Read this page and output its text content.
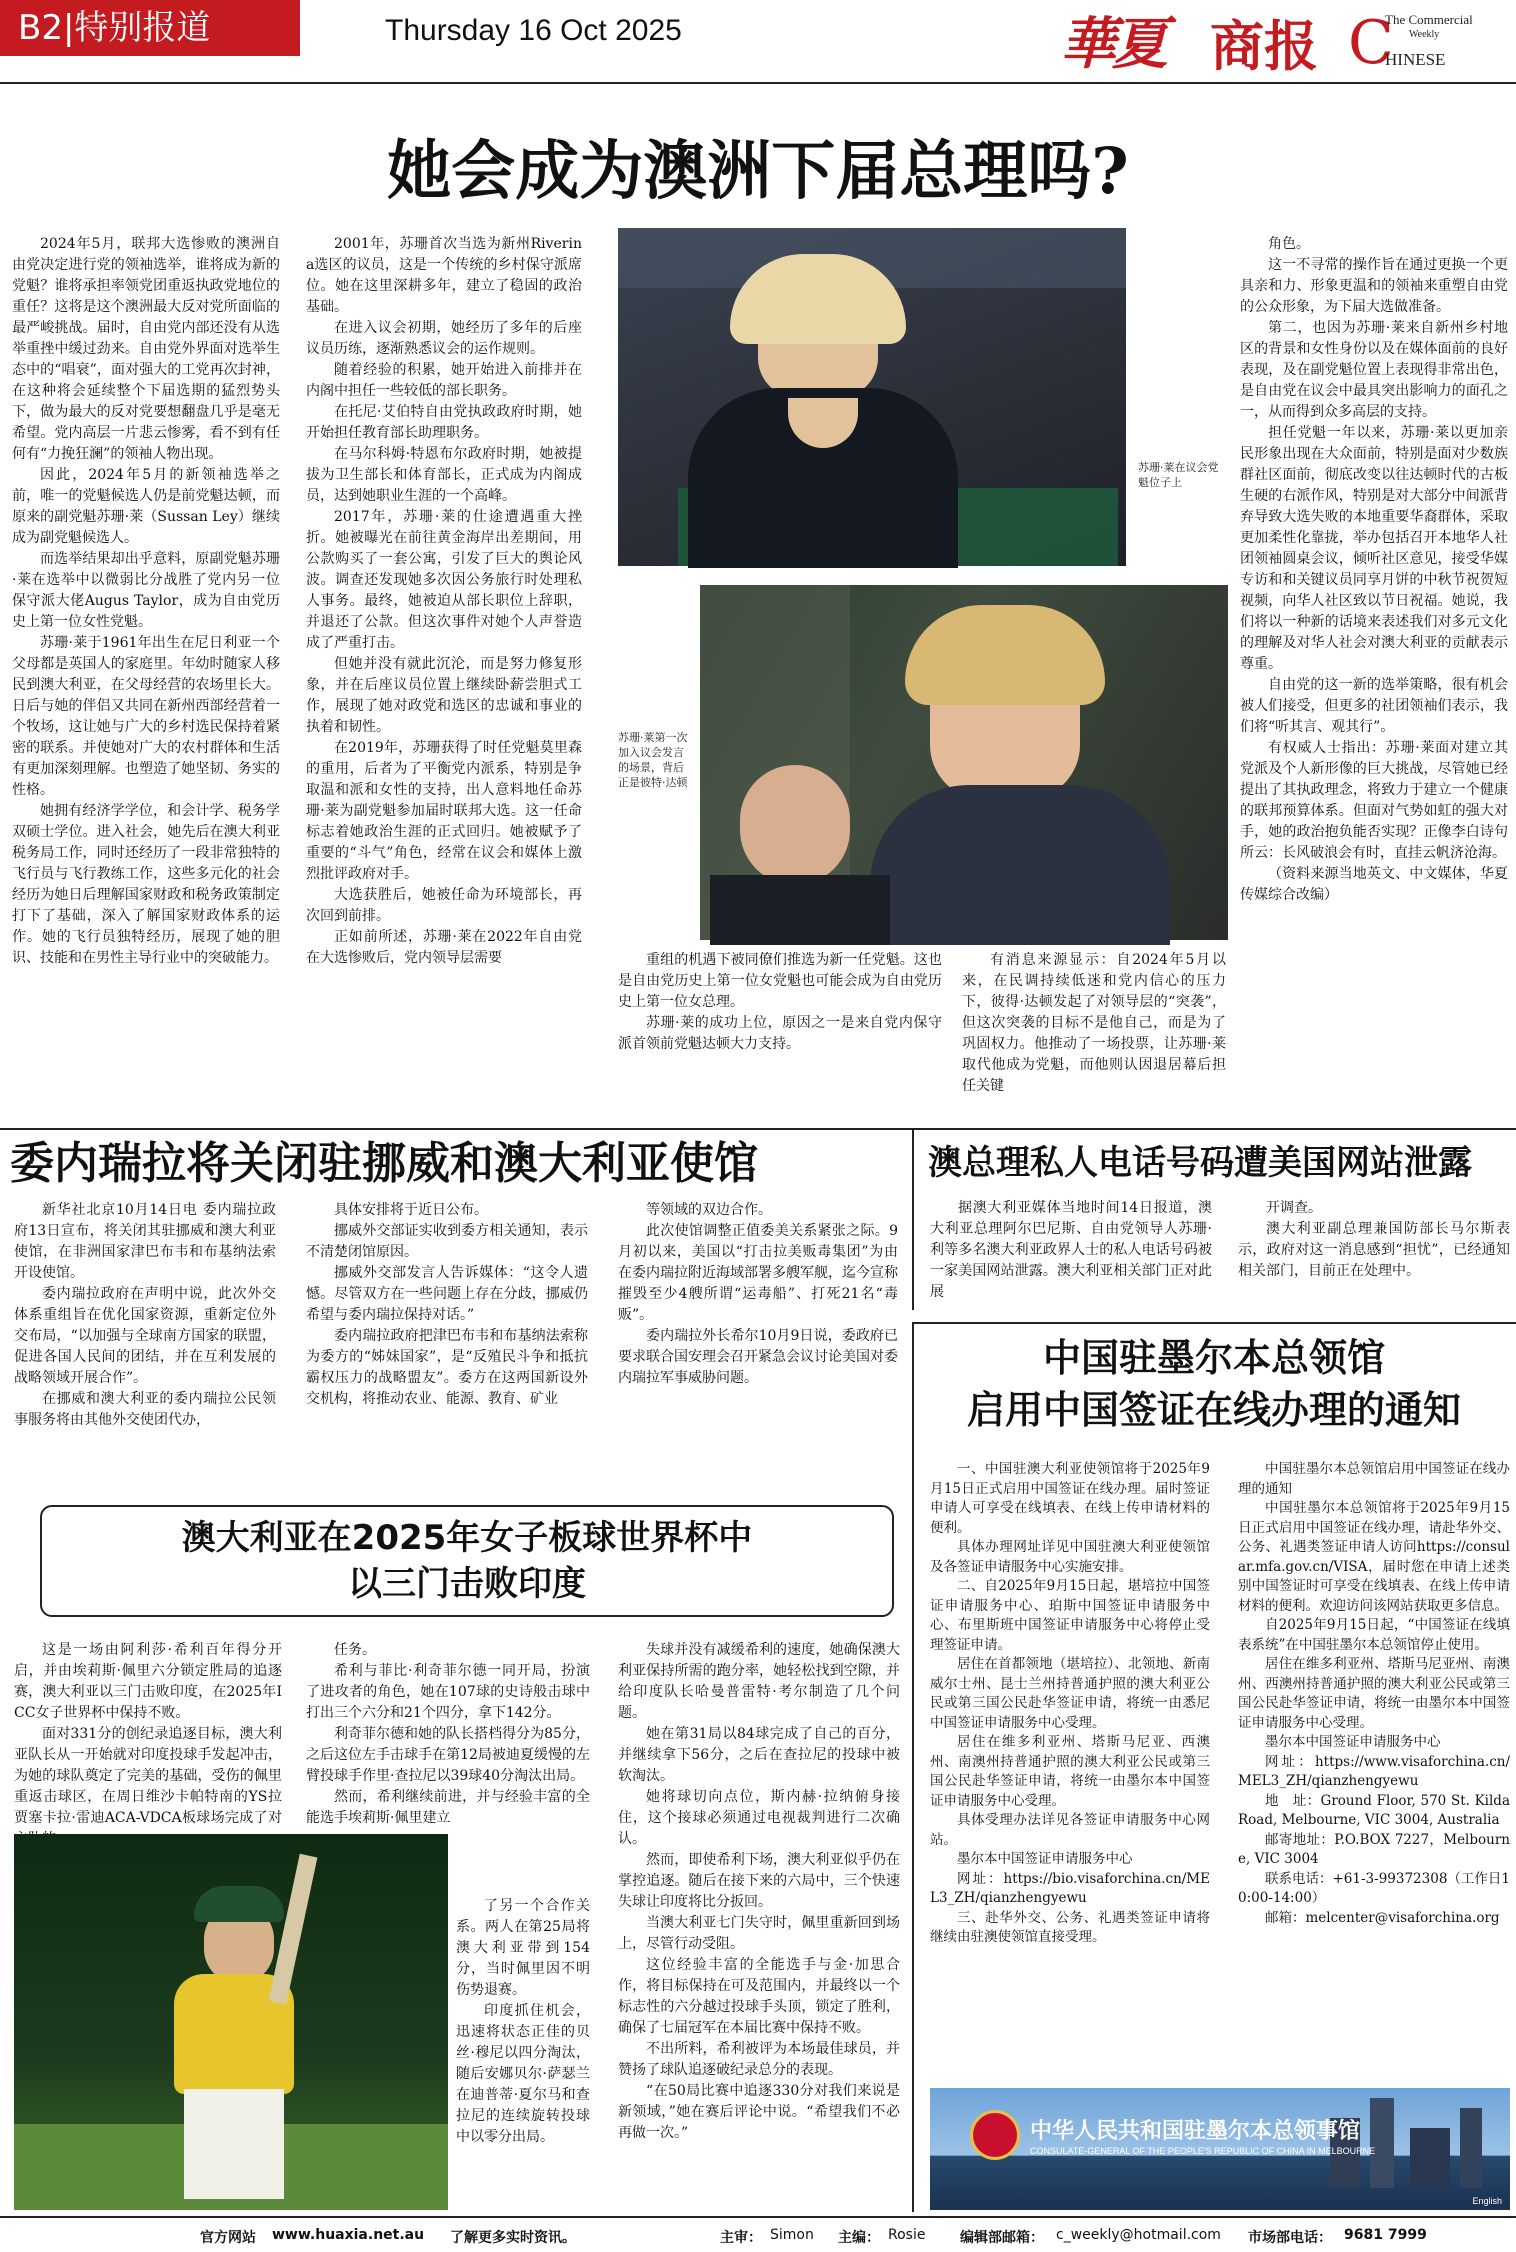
B2|特别报道	Thursday 16 Oct 2025	華夏 商报 C
The Commercial
Weekly
HINESE
她会成为澳洲下届总理吗?

2024年5月，联邦大选惨败的澳洲自由党决定进行党的领袖选举，谁将成为新的党魁？谁将承担率领党团重返执政党地位的重任？这将是这个澳洲最大反对党所面临的最严峻挑战。届时，自由党内部还没有从选举重挫中缓过劲来。自由党外界面对选举生态中的“唱衰”，面对强大的工党再次封神，在这种将会延续整个下届选期的猛烈势头下，做为最大的反对党要想翻盘几乎是毫无希望。党内高层一片悲云惨雾，看不到有任何有“力挽狂澜”的领袖人物出现。

因此，2024年5月的新领袖选举之前，唯一的党魁候选人仍是前党魁达顿，而原来的副党魁苏珊·莱（Sussan Ley）继续成为副党魁候选人。

而选举结果却出乎意料，原副党魁苏珊·莱在选举中以微弱比分战胜了党内另一位保守派大佬Augus Taylor，成为自由党历史上第一位女性党魁。

苏珊·莱于1961年出生在尼日利亚一个父母都是英国人的家庭里。年幼时随家人移民到澳大利亚，在父母经营的农场里长大。日后与她的伴侣又共同在新州西部经营着一个牧场，这让她与广大的乡村选民保持着紧密的联系。并使她对广大的农村群体和生活有更加深刻理解。也塑造了她坚韧、务实的性格。

她拥有经济学学位，和会计学、税务学双硕士学位。进入社会，她先后在澳大利亚税务局工作，同时还经历了一段非常独特的飞行员与飞行教练工作，这些多元化的社会经历为她日后理解国家财政和税务政策制定打下了基础，深入了解国家财政体系的运作。她的飞行员独特经历，展现了她的胆识、技能和在男性主导行业中的突破能力。

2001年，苏珊首次当选为新州Riverina选区的议员，这是一个传统的乡村保守派席位。她在这里深耕多年，建立了稳固的政治基础。

在进入议会初期，她经历了多年的后座议员历练，逐渐熟悉议会的运作规则。

随着经验的积累，她开始进入前排并在内阁中担任一些较低的部长职务。

在托尼·艾伯特自由党执政政府时期，她开始担任教育部长助理职务。

在马尔科姆·特恩布尔政府时期，她被提拔为卫生部长和体育部长，正式成为内阁成员，达到她职业生涯的一个高峰。

2017年，苏珊·莱的仕途遭遇重大挫折。她被曝光在前往黄金海岸出差期间，用公款购买了一套公寓，引发了巨大的舆论风波。调查还发现她多次因公务旅行时处理私人事务。最终，她被迫从部长职位上辞职，并退还了公款。但这次事件对她个人声誉造成了严重打击。

但她并没有就此沉沦，而是努力修复形象，并在后座议员位置上继续卧薪尝胆式工作，展现了她对政党和选区的忠诚和事业的执着和韧性。

在2019年，苏珊获得了时任党魁莫里森的重用，后者为了平衡党内派系，特别是争取温和派和女性的支持，出人意料地任命苏珊·莱为副党魁参加届时联邦大选。这一任命标志着她政治生涯的正式回归。她被赋予了重要的“斗气”角色，经常在议会和媒体上激烈批评政府对手。

大选获胜后，她被任命为环境部长，再次回到前排。

正如前所述，苏珊·莱在2022年自由党在大选惨败后，党内领导层需要

苏珊·莱在议会党魁位子上
苏珊·莱第一次加入议会发言的场景，背后正是彼特·达顿

重组的机遇下被同僚们推选为新一任党魁。这也是自由党历史上第一位女党魁也可能会成为自由党历史上第一位女总理。

苏珊·莱的成功上位，原因之一是来自党内保守派首领前党魁达顿大力支持。

有消息来源显示：自2024年5月以来，在民调持续低迷和党内信心的压力下，彼得·达顿发起了对领导层的“突袭”，但这次突袭的目标不是他自己，而是为了巩固权力。他推动了一场投票，让苏珊·莱取代他成为党魁，而他则认因退居幕后担任关键

角色。

这一不寻常的操作旨在通过更换一个更具亲和力、形象更温和的领袖来重塑自由党的公众形象，为下届大选做准备。

第二，也因为苏珊·莱来自新州乡村地区的背景和女性身份以及在媒体面前的良好表现，及在副党魁位置上表现得非常出色，是自由党在议会中最具突出影响力的面孔之一，从而得到众多高层的支持。

担任党魁一年以来，苏珊·莱以更加亲民形象出现在大众面前，特别是面对少数族群社区面前，彻底改变以往达顿时代的古板生硬的右派作风，特别是对大部分中间派背弃导致大选失败的本地重要华裔群体，采取更加柔性化靠拢，举办包括召开本地华人社团领袖圆桌会议，倾听社区意见，接受华媒专访和和关键议员同享月饼的中秋节祝贺短视频，向华人社区致以节日祝福。她说，我们将以一种新的话境来表述我们对多元文化的理解及对华人社会对澳大利亚的贡献表示尊重。

自由党的这一新的选举策略，很有机会被人们接受，但更多的社团领袖们表示，我们将“听其言、观其行”。

有权威人士指出：苏珊·莱面对建立其党派及个人新形像的巨大挑战，尽管她已经提出了其执政理念，将致力于建立一个健康的联邦预算体系。但面对气势如虹的强大对手，她的政治抱负能否实现？正像李白诗句所云：长风破浪会有时，直挂云帆济沧海。

（资料来源当地英文、中文媒体，华夏传媒综合改编）

委内瑞拉将关闭驻挪威和澳大利亚使馆

新华社北京10月14日电 委内瑞拉政府13日宣布，将关闭其驻挪威和澳大利亚使馆，在非洲国家津巴布韦和布基纳法索开设使馆。

委内瑞拉政府在声明中说，此次外交体系重组旨在优化国家资源，重新定位外交布局，“以加强与全球南方国家的联盟，促进各国人民间的团结，并在互利发展的战略领域开展合作”。

在挪威和澳大利亚的委内瑞拉公民领事服务将由其他外交使团代办，

具体安排将于近日公布。

挪威外交部证实收到委方相关通知，表示不清楚闭馆原因。

挪威外交部发言人告诉媒体：“这令人遗憾。尽管双方在一些问题上存在分歧，挪威仍希望与委内瑞拉保持对话。”

委内瑞拉政府把津巴布韦和布基纳法索称为委方的“姊妹国家”，是“反殖民斗争和抵抗霸权压力的战略盟友”。委方在这两国新设外交机构，将推动农业、能源、教育、矿业

等领域的双边合作。

此次使馆调整正值委美关系紧张之际。9月初以来，美国以“打击拉美贩毒集团”为由在委内瑞拉附近海域部署多艘军舰，迄今宣称摧毁至少4艘所谓“运毒船”、打死21名“毒贩”。

委内瑞拉外长希尔10月9日说，委政府已要求联合国安理会召开紧急会议讨论美国对委内瑞拉军事威胁问题。

澳总理私人电话号码遭美国网站泄露

据澳大利亚媒体当地时间14日报道，澳大利亚总理阿尔巴尼斯、自由党领导人苏珊·利等多名澳大利亚政界人士的私人电话号码被一家美国网站泄露。澳大利亚相关部门正对此展

开调查。

澳大利亚副总理兼国防部长马尔斯表示，政府对这一消息感到“担忧”，已经通知相关部门，目前正在处理中。

中国驻墨尔本总领馆
启用中国签证在线办理的通知

一、中国驻澳大利亚使领馆将于2025年9月15日正式启用中国签证在线办理。届时签证申请人可享受在线填表、在线上传申请材料的便利。

具体办理网址详见中国驻澳大利亚使领馆及各签证申请服务中心实施安排。

二、自2025年9月15日起，堪培拉中国签证申请服务中心、珀斯中国签证申请服务中心、布里斯班中国签证申请服务中心将停止受理签证申请。

居住在首都领地（堪培拉）、北领地、新南威尔士州、昆士兰州持普通护照的澳大利亚公民或第三国公民赴华签证申请，将统一由悉尼中国签证申请服务中心受理。

居住在维多利亚州、塔斯马尼亚、西澳州、南澳州持普通护照的澳大利亚公民或第三国公民赴华签证申请，将统一由墨尔本中国签证申请服务中心受理。

具体受理办法详见各签证申请服务中心网站。

墨尔本中国签证申请服务中心

网址：https://bio.visaforchina.cn/MEL3_ZH/qianzhengyewu

三、赴华外交、公务、礼遇类签证申请将继续由驻澳使领馆直接受理。

中国驻墨尔本总领馆启用中国签证在线办理的通知

中国驻墨尔本总领馆将于2025年9月15日正式启用中国签证在线办理，请赴华外交、公务、礼遇类签证申请人访问https://consular.mfa.gov.cn/VISA，届时您在申请上述类别中国签证时可享受在线填表、在线上传申请材料的便利。欢迎访问该网站获取更多信息。

自2025年9月15日起，“中国签证在线填表系统”在中国驻墨尔本总领馆停止使用。

居住在维多利亚州、塔斯马尼亚州、南澳州、西澳州持普通护照的澳大利亚公民或第三国公民赴华签证申请，将统一由墨尔本中国签证申请服务中心受理。

墨尔本中国签证申请服务中心

网址：https://www.visaforchina.cn/MEL3_ZH/qianzhengyewu

地　址：Ground Floor, 570 St. Kilda Road, Melbourne, VIC 3004, Australia

邮寄地址：P.O.BOX 7227，Melbourne, VIC 3004

联系电话：+61-3-99372308（工作日10:00-14:00）

邮箱：melcenter@visaforchina.org

中华人民共和国驻墨尔本总领事馆
CONSULATE-GENERAL OF THE PEOPLE'S REPUBLIC OF CHINA IN MELBOURNE
English
澳大利亚在2025年女子板球世界杯中
以三门击败印度

这是一场由阿利莎·希利百年得分开启，并由埃莉斯·佩里六分锁定胜局的追逐赛，澳大利亚以三门击败印度，在2025年ICC女子世界杯中保持不败。

面对331分的创纪录追逐目标，澳大利亚队长从一开始就对印度投球手发起冲击，为她的球队奠定了完美的基础，受伤的佩里重返击球区，在周日维沙卡帕特南的YS拉贾塞卡拉·雷迪ACA-VDCA板球场完成了对

任务。

希利与菲比·利奇菲尔德一同开局，扮演了进攻者的角色，她在107球的史诗般击球中打出三个六分和21个四分，拿下142分。

利奇菲尔德和她的队长搭档得分为85分，之后这位左手击球手在第12局被迪夏缓慢的左臂投球手作里·查拉尼以39球40分淘汰出局。

然而，希利继续前进，并与经验丰富的全能选手埃莉斯·佩里建立

了另一个合作关系。两人在第25局将澳大利亚带到154分，当时佩里因不明伤势退赛。

印度抓住机会，迅速将状态正佳的贝丝·穆尼以四分淘汰，随后安娜贝尔·萨瑟兰在迪普蒂·夏尔马和查拉尼的连续旋转投球中以零分出局。

失球并没有减缓希利的速度，她确保澳大利亚保持所需的跑分率，她轻松找到空隙，并给印度队长哈曼普雷特·考尔制造了几个问题。

她在第31局以84球完成了自己的百分，并继续拿下56分，之后在查拉尼的投球中被软淘汰。

她将球切向点位，斯内赫·拉纳俯身接住，这个接球必须通过电视裁判进行二次确认。

然而，即使希利下场，澳大利亚似乎仍在掌控追逐。随后在接下来的六局中，三个快速失球让印度将比分扳回。

当澳大利亚七门失守时，佩里重新回到场上，尽管行动受阻。

这位经验丰富的全能选手与金·加思合作，将目标保持在可及范围内，并最终以一个标志性的六分越过投球手头顶，锁定了胜利，确保了七届冠军在本届比赛中保持不败。

不出所料，希利被评为本场最佳球员，并赞扬了球队追逐破纪录总分的表现。

“在50局比赛中追逐330分对我们来说是新领域，”她在赛后评论中说。“希望我们不必再做一次。”

官方网站 www.huaxia.net.au 了解更多实时资讯。	主审： Simon 主编： Rosie 编辑部邮箱： c_weekly@hotmail.com 市场部电话： 9681 7999
